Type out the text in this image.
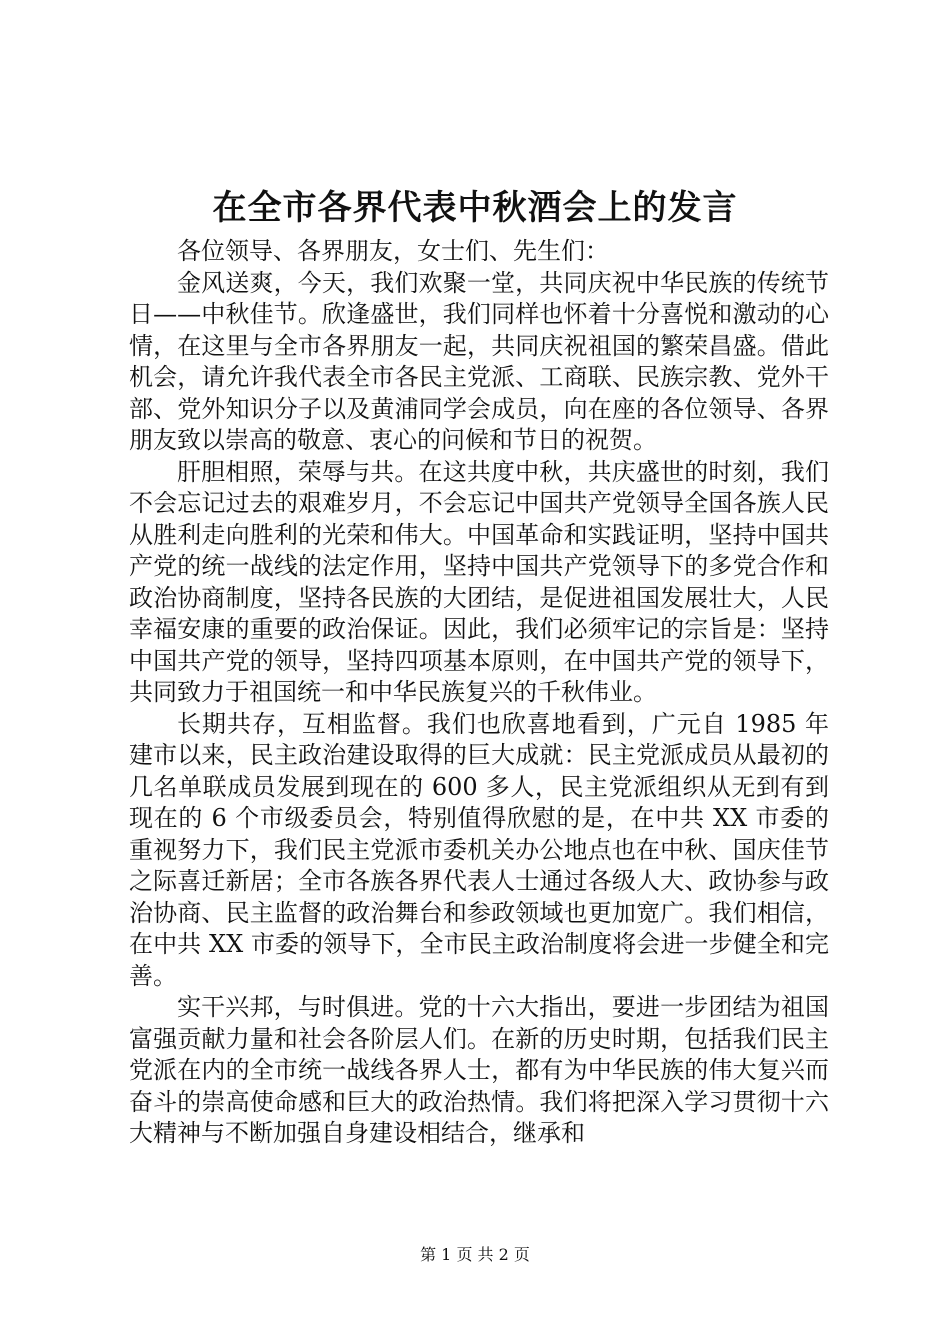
在全市各界代表中秋酒会上的发言

各位领导、各界朋友，女士们、先生们：

金风送爽，今天，我们欢聚一堂，共同庆祝中华民族的传统节日——中秋佳节。欣逢盛世，我们同样也怀着十分喜悦和激动的心情，在这里与全市各界朋友一起，共同庆祝祖国的繁荣昌盛。借此机会，请允许我代表全市各民主党派、工商联、民族宗教、党外干部、党外知识分子以及黄浦同学会成员，向在座的各位领导、各界朋友致以崇高的敬意、衷心的问候和节日的祝贺。

肝胆相照，荣辱与共。在这共度中秋，共庆盛世的时刻，我们不会忘记过去的艰难岁月，不会忘记中国共产党领导全国各族人民从胜利走向胜利的光荣和伟大。中国革命和实践证明，坚持中国共产党的统一战线的法定作用，坚持中国共产党领导下的多党合作和政治协商制度，坚持各民族的大团结，是促进祖国发展壮大，人民幸福安康的重要的政治保证。因此，我们必须牢记的宗旨是：坚持中国共产党的领导，坚持四项基本原则，在中国共产党的领导下，共同致力于祖国统一和中华民族复兴的千秋伟业。

长期共存，互相监督。我们也欣喜地看到，广元自 1985 年建市以来，民主政治建设取得的巨大成就：民主党派成员从最初的几名单联成员发展到现在的 600 多人，民主党派组织从无到有到现在的 6 个市级委员会，特别值得欣慰的是，在中共 XX 市委的重视努力下，我们民主党派市委机关办公地点也在中秋、国庆佳节之际喜迁新居；全市各族各界代表人士通过各级人大、政协参与政治协商、民主监督的政治舞台和参政领域也更加宽广。我们相信，在中共 XX 市委的领导下，全市民主政治制度将会进一步健全和完善。

实干兴邦，与时俱进。党的十六大指出，要进一步团结为祖国富强贡献力量和社会各阶层人们。在新的历史时期，包括我们民主党派在内的全市统一战线各界人士，都有为中华民族的伟大复兴而奋斗的崇高使命感和巨大的政治热情。我们将把深入学习贯彻十六大精神与不断加强自身建设相结合，继承和

第 1 页 共 2 页
